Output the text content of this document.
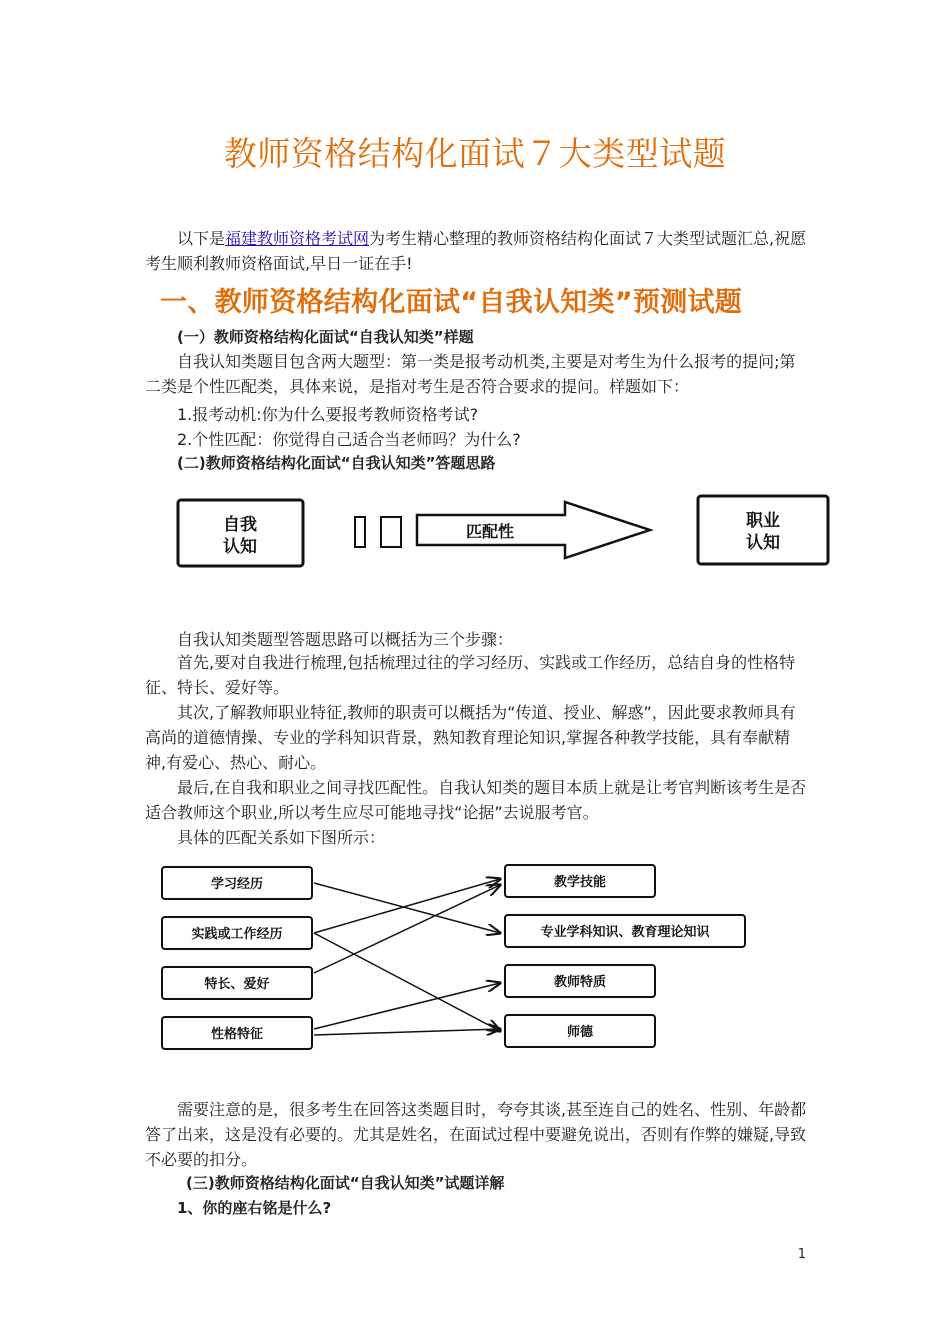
教师资格结构化面试７大类型试题

以下是福建教师资格考试网为考生精心整理的教师资格结构化面试７大类型试题汇总,祝愿考生顺利教师资格面试,早日一证在手!

一、教师资格结构化面试“自我认知类”预测试题
(一）教师资格结构化面试“自我认知类”样题

自我认知类题目包含两大题型：第一类是报考动机类,主要是对考生为什么报考的提问;第二类是个性匹配类，具体来说，是指对考生是否符合要求的提问。样题如下：

1.报考动机:你为什么要报考教师资格考试?
2.个性匹配：你觉得自己适合当老师吗？为什么?
(二)教师资格结构化面试“自我认知类”答题思路
自我
认知
匹配性
职业
认知
自我认知类题型答题思路可以概括为三个步骤：

首先,要对自我进行梳理,包括梳理过往的学习经历、实践或工作经历，总结自身的性格特征、特长、爱好等。

其次,了解教师职业特征,教师的职责可以概括为“传道、授业、解惑”，因此要求教师具有高尚的道德情操、专业的学科知识背景，熟知教育理论知识,掌握各种教学技能，具有奉献精神,有爱心、热心、耐心。

最后,在自我和职业之间寻找匹配性。自我认知类的题目本质上就是让考官判断该考生是否适合教师这个职业,所以考生应尽可能地寻找“论据”去说服考官。

具体的匹配关系如下图所示：
学习经历
实践或工作经历
特长、爱好
性格特征
教学技能
专业学科知识、教育理论知识
教师特质
师德

需要注意的是，很多考生在回答这类题目时，夸夸其谈,甚至连自己的姓名、性别、年龄都答了出来，这是没有必要的。尤其是姓名，在面试过程中要避免说出，否则有作弊的嫌疑,导致不必要的扣分。

(三)教师资格结构化面试“自我认知类”试题详解
1、你的座右铭是什么?
1
